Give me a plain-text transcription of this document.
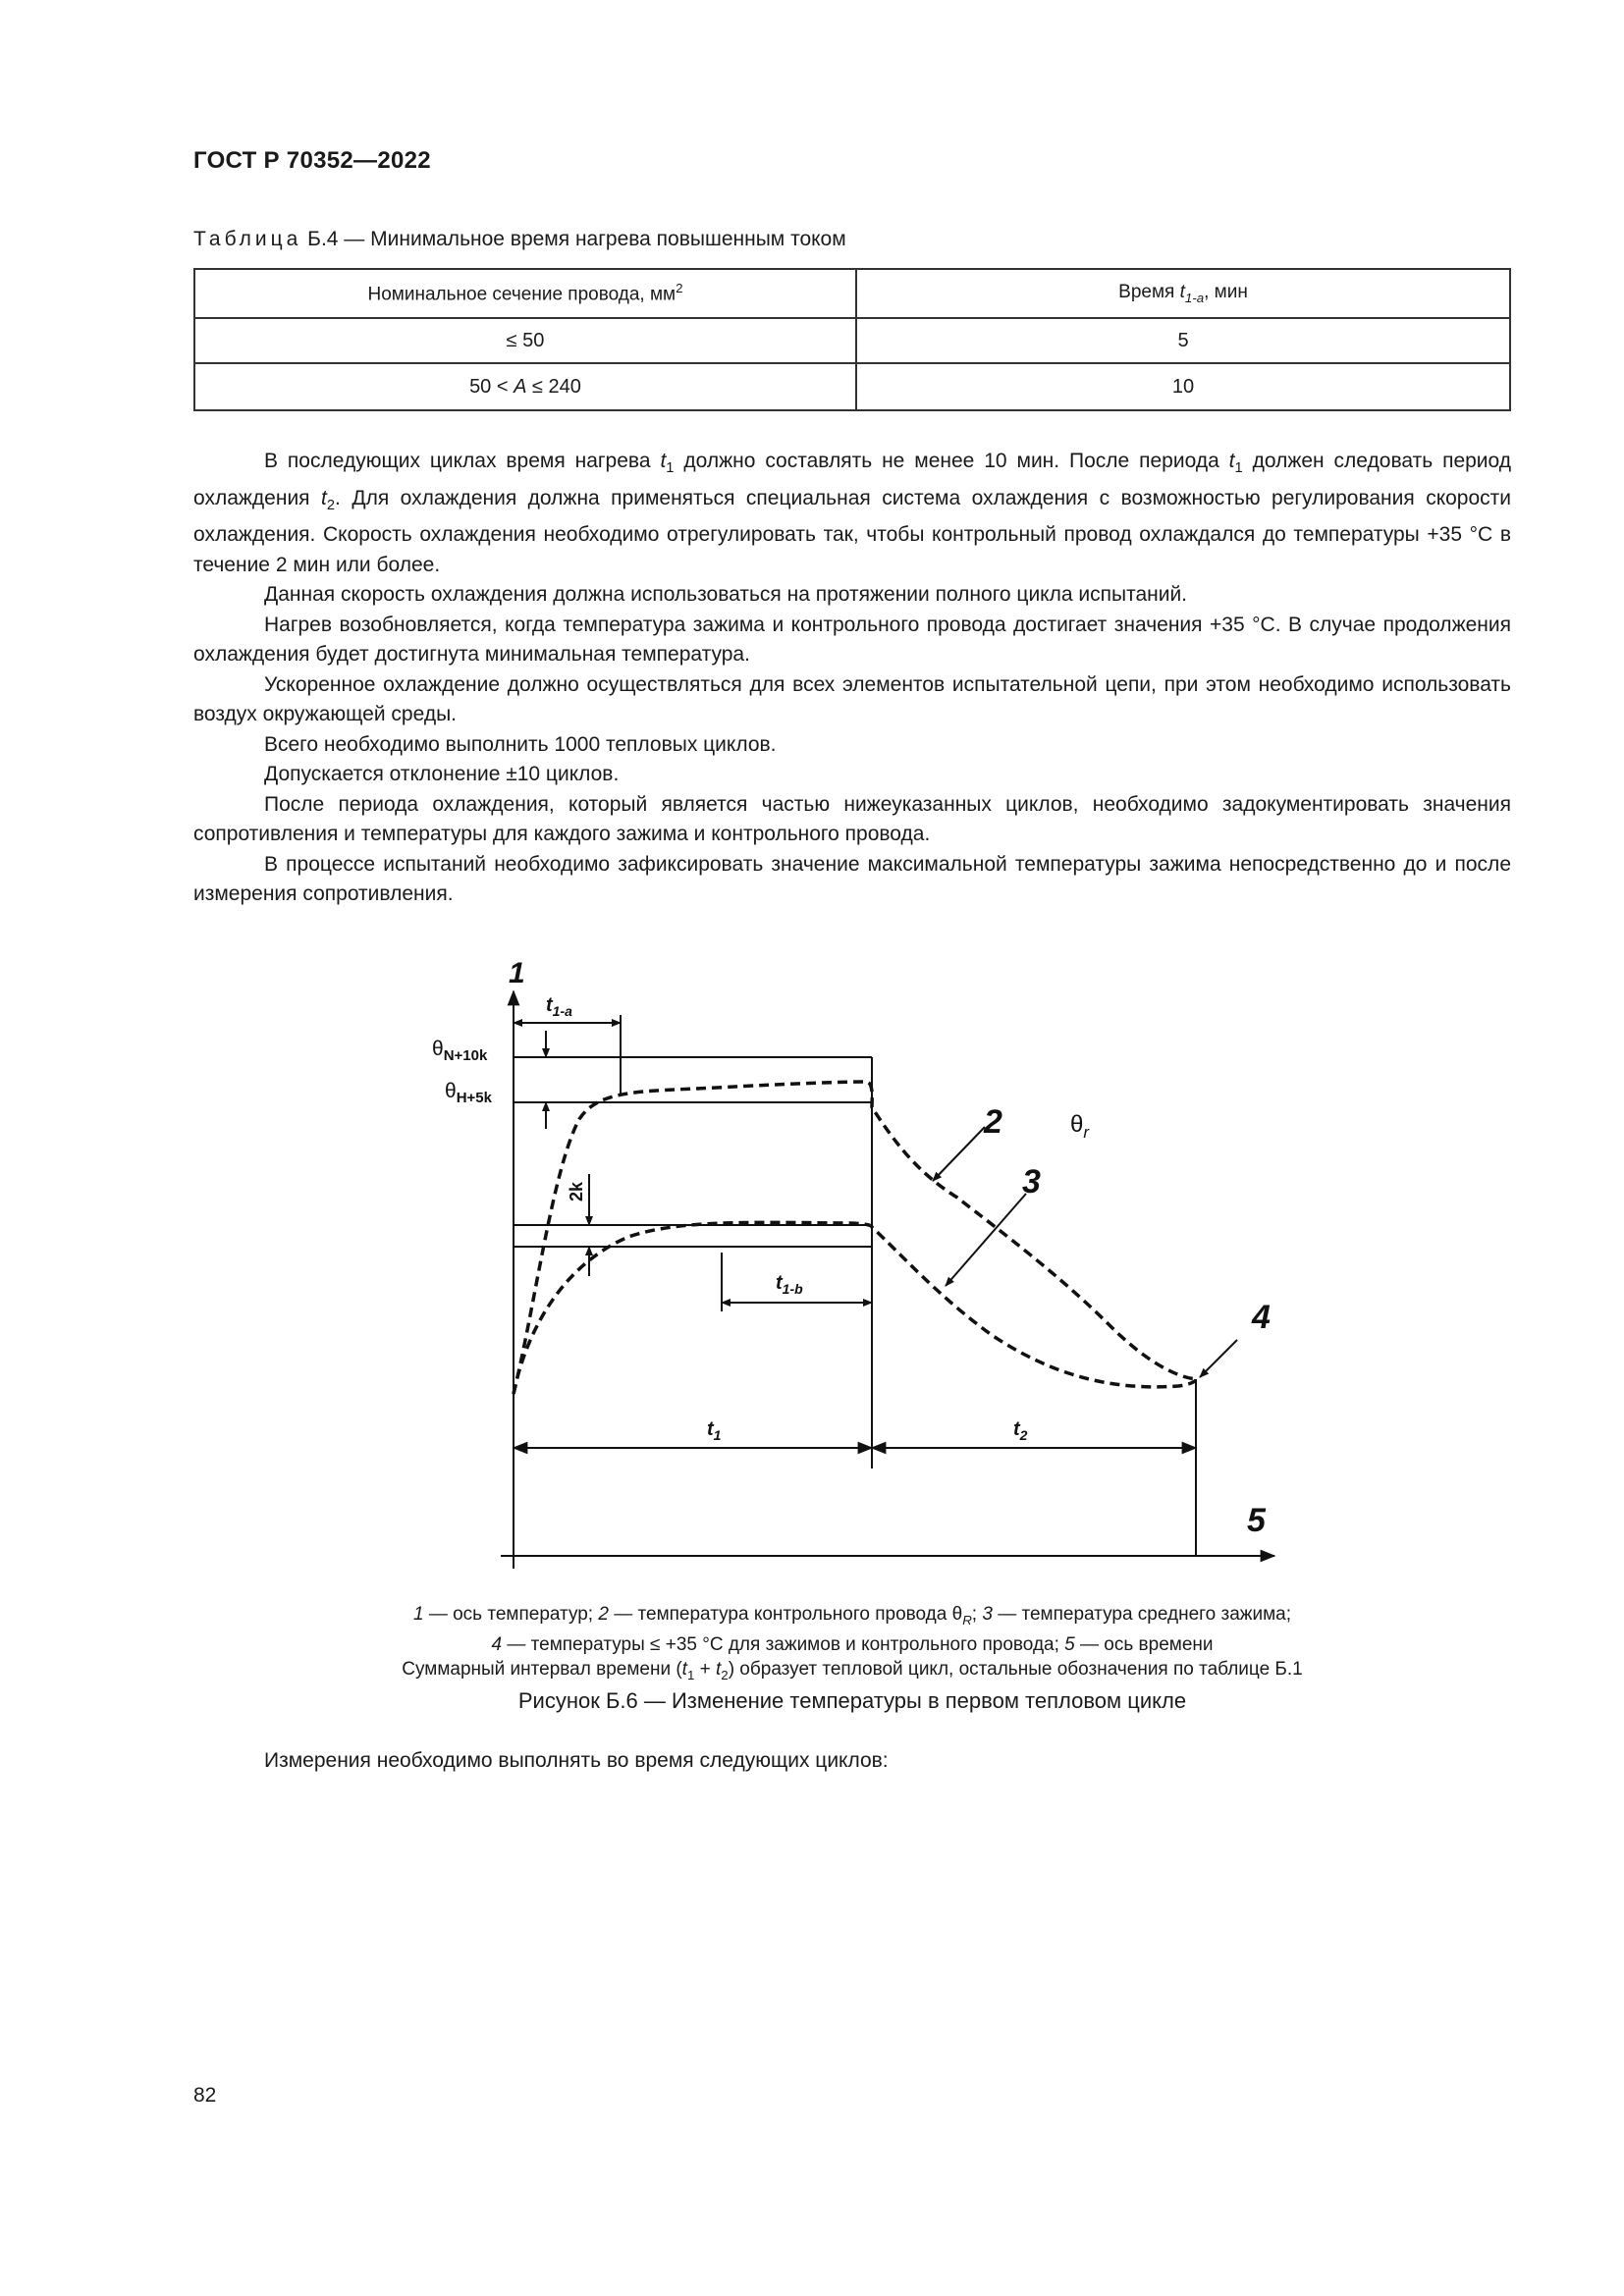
ГОСТ Р 70352—2022
Таблица Б.4 — Минимальное время нагрева повышенным током
Номинальное сечение провода, $мм^2$	Время $t_{1-a}$, мин
≤ 50	5
50 < A ≤ 240	10

В последующих циклах время нагрева $t_1$ должно составлять не менее 10 мин. После периода $t_1$ должен следовать период охлаждения $t_2$. Для охлаждения должна применяться специальная система охлаждения с возможностью регулирования скорости охлаждения. Скорость охлаждения необходимо отрегулировать так, чтобы контрольный провод охлаждался до температуры +35 °С в течение 2 мин или более.

Данная скорость охлаждения должна использоваться на протяжении полного цикла испытаний.

Нагрев возобновляется, когда температура зажима и контрольного провода достигает значения +35 °С. В случае продолжения охлаждения будет достигнута минимальная температура.

Ускоренное охлаждение должно осуществляться для всех элементов испытательной цепи, при этом необходимо использовать воздух окружающей среды.

Всего необходимо выполнить 1000 тепловых циклов.

Допускается отклонение ±10 циклов.

После периода охлаждения, который является частью нижеуказанных циклов, необходимо задокументировать значения сопротивления и температуры для каждого зажима и контрольного провода.

В процессе испытаний необходимо зафиксировать значение максимальной температуры зажима непосредственно до и после измерения сопротивления.

1
2
3
4
5
$\theta_{N+10k}$
$\theta_{H+5k}$
$\theta_r$
2k
$t_{1-a}$
$t_{1-b}$
$t_1$	$t_2$
1 — ось температур; 2 — температура контрольного провода $\theta_R$; 3 — температура среднего зажима;
4 — температуры ≤ +35 °С для зажимов и контрольного провода; 5 — ось времени
Суммарный интервал времени $(t_1 + t_2)$ образует тепловой цикл, остальные обозначения по таблице Б.1
Рисунок Б.6 — Изменение температуры в первом тепловом цикле
Измерения необходимо выполнять во время следующих циклов:
82
